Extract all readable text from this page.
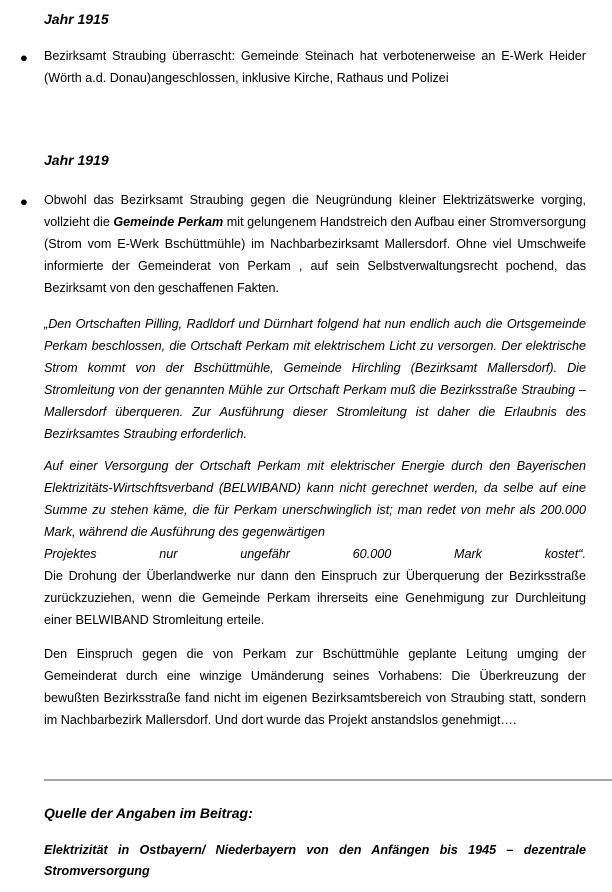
Jahr 1915
● Bezirksamt Straubing überrascht: Gemeinde Steinach hat verbotenerweise an E-Werk Heider (Wörth a.d. Donau)angeschlossen, inklusive Kirche, Rathaus und Polizei

Jahr 1919
● Obwohl das Bezirksamt Straubing gegen die Neugründung kleiner Elektrizätswerke vorging, vollzieht die Gemeinde Perkam mit gelungenem Handstreich den Aufbau einer Stromversorgung (Strom vom E-Werk Bschüttmühle) im Nachbarbezirksamt Mallersdorf. Ohne viel Umschweife informierte der Gemeinderat von Perkam , auf sein Selbstverwaltungsrecht pochend, das Bezirksamt von den geschaffenen Fakten.

„Den Ortschaften Pilling, Radldorf und Dürnhart folgend hat nun endlich auch die Ortsgemeinde Perkam beschlossen, die Ortschaft Perkam mit elektrischem Licht zu versorgen. Der elektrische Strom kommt von der Bschüttmühle, Gemeinde Hirchling (Bezirksamt Mallersdorf). Die Stromleitung von der genannten Mühle zur Ortschaft Perkam muß die Bezirksstraße Straubing – Mallersdorf überqueren. Zur Ausführung dieser Stromleitung ist daher die Erlaubnis des Bezirksamtes Straubing erforderlich.

Auf einer Versorgung der Ortschaft Perkam mit elektrischer Energie durch den Bayerischen Elektrizitäts-Wirtschftsverband (BELWIBAND) kann nicht gerechnet werden, da selbe auf eine Summe zu stehen käme, die für Perkam unerschwinglich ist; man redet von mehr als 200.000 Mark, während die Ausführung des gegenwärtigen
Projektes nur ungefähr 60.000 Mark kostet“.
Die Drohung der Überlandwerke nur dann den Einspruch zur Überquerung der Bezirksstraße zurückzuziehen, wenn die Gemeinde Perkam ihrerseits eine Genehmigung zur Durchleitung einer BELWIBAND Stromleitung erteile.

Den Einspruch gegen die von Perkam zur Bschüttmühle geplante Leitung umging der Gemeinderat durch eine winzige Umänderung seines Vorhabens: Die Überkreuzung der bewußten Bezirksstraße fand nicht im eigenen Bezirksamtsbereich von Straubing statt, sondern im Nachbarbezirk Mallersdorf. Und dort wurde das Projekt anstandslos genehmigt….

Quelle der Angaben im Beitrag:

Elektrizität in Ostbayern/ Niederbayern von den Anfängen bis 1945 – dezentrale Stromversorgung
